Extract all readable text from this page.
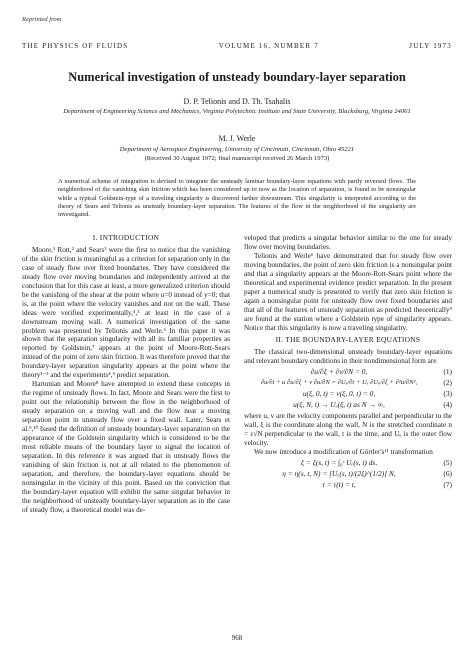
Reprinted from
THE PHYSICS OF FLUIDS	VOLUME 16, NUMBER 7	JULY 1973
Numerical investigation of unsteady boundary-layer separation
D. P. Telionis and D. Th. Tsahalis
Department of Engineering Science and Mechanics, Virginia Polytechnic Institute and State University, Blacksburg, Virginia 24061
M. J. Werle
Department of Aerospace Engineering, University of Cincinnati, Cincinnati, Ohio 45221
(Received 30 August 1972; final manuscript received 26 March 1973)
A numerical scheme of integration is devised to integrate the unsteady laminar boundary-layer equations with partly reversed flows. The neighborhood of the vanishing skin friction which has been considered up to now as the location of separation, is found to be nonsingular while a typical Goldstein-type of a traveling singularity is discovered farther downstream. This singularity is interpreted according to the theory of Sears and Telionis as unsteady boundary-layer separation. The features of the flow in the neighborhood of the singularity are investigated.
I. INTRODUCTION

Moore,¹ Rott,² and Sears³ were the first to notice that the vanishing of the skin friction is meaningful as a criterion for separation only in the case of steady flow over fixed boundaries. They have considered the steady flow over moving boundaries and independently arrived at the conclusion that for this case at least, a more generalized criterion should be the vanishing of the shear at the point where u=0 instead of y=0; that is, at the point where the velocity vanishes and not on the wall. These ideas were verified experimentally,⁴,⁵ at least in the case of a downstream moving wall. A numerical investigation of the same problem was presented by Telionis and Werle.⁶ In this paper it was shown that the separation singularity with all its familiar properties as reported by Goldstein,⁷ appears at the point of Moore-Rott-Sears instead of the point of zero skin friction. It was therefore proved that the boundary-layer separation singularity appears at the point where the theory¹⁻³ and the experiments⁴,⁵ predict separation.

Hartunian and Moore⁸ have attempted to extend these concepts in the regime of unsteady flows. In fact, Moore and Sears were the first to point out the relationship between the flow in the neighborhood of steady separation on a moving wall and the flow near a moving separation point in unsteady flow over a fixed wall. Later, Sears et al.⁹,¹⁰ based the definition of unsteady boundary-layer separation on the appearance of the Goldstein singularity which is considered to be the most reliable means of the boundary layer to signal the location of separation. In this reference it was argued that in unsteady flows the vanishing of skin friction is not at all related to the phenomenon of separation, and therefore, the boundary-layer equations should be nonsingular in the vicinity of this point. Based on the conviction that the boundary-layer equation will exhibit the same singular behavior in the neighborhood of unsteady boundary-layer separation as in the case of steady flow, a theoretical model was de-

veloped that predicts a singular behavior similar to the one for steady flow over moving boundaries.

Telionis and Werle⁶ have demonstrated that for steady flow over moving boundaries, the point of zero skin friction is a nonsingular point and that a singularity appears at the Moore-Rott-Sears point where the theoretical and experimental evidence predict separation. In the present paper a numerical study is presented to verify that zero skin friction is again a nonsingular point for unsteady flow over fixed boundaries and that all of the features of unsteady separation as predicted theoretically⁹ are found at the station where a Goldstein type of singularity appears. Notice that this singularity is now a traveling singularity.

II. THE BOUNDARY-LAYER EQUATIONS

The classical two-dimensional unsteady boundary-layer equations and relevant boundary conditions in their nondimensional form are

∂u/∂ξ + ∂v/∂N = 0,	(1)
∂u/∂t + u ∂u/∂ξ + v ∂u/∂N = ∂Uₑ/∂t + Uₑ ∂Uₑ/∂ξ + ∂²u/∂N²,	(2)
u(ξ, 0, t) = v(ξ, 0, t) = 0,	(3)
u(ξ, N, t) → Uₑ(ξ, t) as N → ∞,	(4)

where u, v are the velocity components parallel and perpendicular to the wall, ξ is the coordinate along the wall, N is the stretched coordinate n = ε√N perpendicular to the wall, t is the time, and Uₑ is the outer flow velocity.

We now introduce a modification of Görtler's¹¹ transformation

ξ = ξ(s, t) = ∫₀ˢ Uₑ(s, t) ds,	(5)
η = η(s, t, N) = [Uₑ(s, t)/(2ξ)^(1/2)] N,	(6)
τ = τ(t) = t,	(7)
968
